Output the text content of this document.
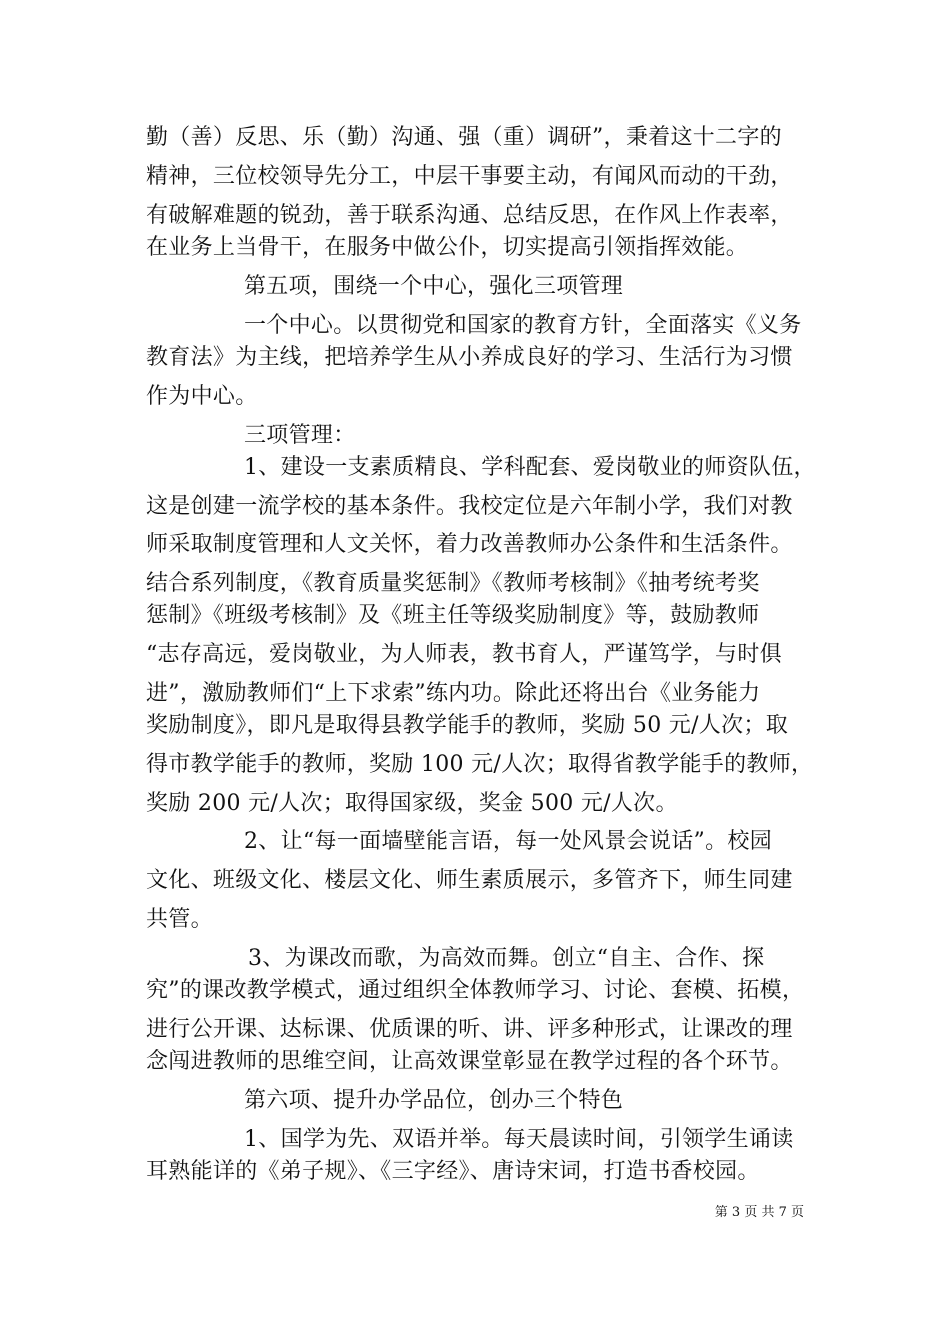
勤（善）反思、乐（勤）沟通、强（重）调研”，秉着这十二字的
精神，三位校领导先分工，中层干事要主动，有闻风而动的干劲，
有破解难题的锐劲，善于联系沟通、总结反思，在作风上作表率，
在业务上当骨干，在服务中做公仆，切实提高引领指挥效能。
第五项，围绕一个中心，强化三项管理
一个中心。以贯彻党和国家的教育方针，全面落实《义务
教育法》为主线，把培养学生从小养成良好的学习、生活行为习惯
作为中心。
三项管理：
1、建设一支素质精良、学科配套、爱岗敬业的师资队伍，
这是创建一流学校的基本条件。我校定位是六年制小学，我们对教
师采取制度管理和人文关怀，着力改善教师办公条件和生活条件。
结合系列制度，《教育质量奖惩制》《教师考核制》《抽考统考奖
惩制》《班级考核制》及《班主任等级奖励制度》等，鼓励教师
“志存高远，爱岗敬业，为人师表，教书育人，严谨笃学，与时俱
进”，激励教师们“上下求索”练内功。除此还将出台《业务能力
奖励制度》，即凡是取得县教学能手的教师，奖励 50 元/人次；取
得市教学能手的教师，奖励 100 元/人次；取得省教学能手的教师，
奖励 200 元/人次；取得国家级，奖金 500 元/人次。
2、让“每一面墙壁能言语，每一处风景会说话”。校园
文化、班级文化、楼层文化、师生素质展示，多管齐下，师生同建
共管。
3、为课改而歌，为高效而舞。创立“自主、合作、探
究”的课改教学模式，通过组织全体教师学习、讨论、套模、拓模，
进行公开课、达标课、优质课的听、讲、评多种形式，让课改的理
念闯进教师的思维空间，让高效课堂彰显在教学过程的各个环节。
第六项、提升办学品位，创办三个特色
1、国学为先、双语并举。每天晨读时间，引领学生诵读
耳熟能详的《弟子规》、《三字经》、唐诗宋词，打造书香校园。
第 3 页 共 7 页
